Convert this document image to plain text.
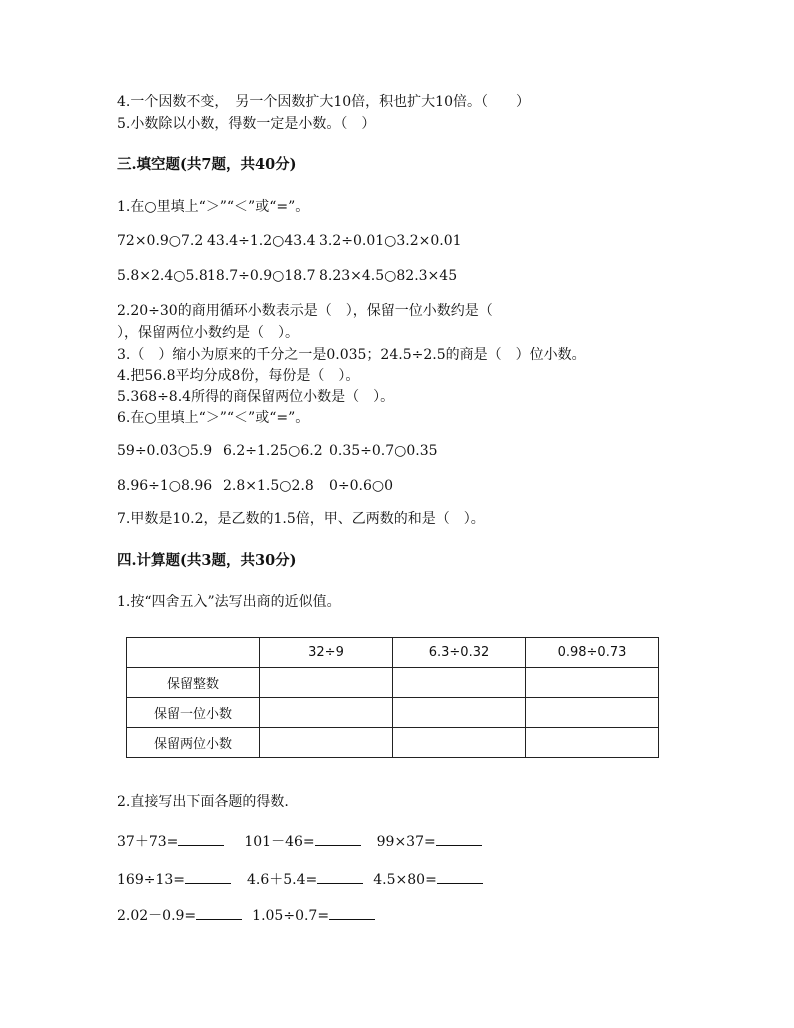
4.一个因数不变，　另一个因数扩大10倍，积也扩大10倍。（　　）
5.小数除以小数，得数一定是小数。（　）
三.填空题(共7题，共40分)
1.在○里填上“＞”“＜”或“=”。
72×0.9○7.2 43.4÷1.2○43.4 3.2÷0.01○3.2×0.01
5.8×2.4○5.818.7÷0.9○18.7 8.23×4.5○82.3×45
2.20÷30的商用循环小数表示是（　），保留一位小数约是（
），保留两位小数约是（　）。
3.（　）缩小为原来的千分之一是0.035；24.5÷2.5的商是（　）位小数。
4.把56.8平均分成8份，每份是（　）。
5.368÷8.4所得的商保留两位小数是（　）。
6.在○里填上“＞”“＜”或“=”。
59÷0.03○5.9 6.2÷1.25○6.2 0.35÷0.7○0.35
8.96÷1○8.96 2.8×1.5○2.8 0÷0.6○0
7.甲数是10.2，是乙数的1.5倍，甲、乙两数的和是（　）。
四.计算题(共3题，共30分)
1.按“四舍五入”法写出商的近似值。
	32÷9	6.3÷0.32	0.98÷0.73
保留整数			
保留一位小数			
保留两位小数			
2.直接写出下面各题的得数.
37＋73=	101－46=	99×37=
169÷13=	4.6＋5.4=	4.5×80=
2.02－0.9=	1.05÷0.7=
